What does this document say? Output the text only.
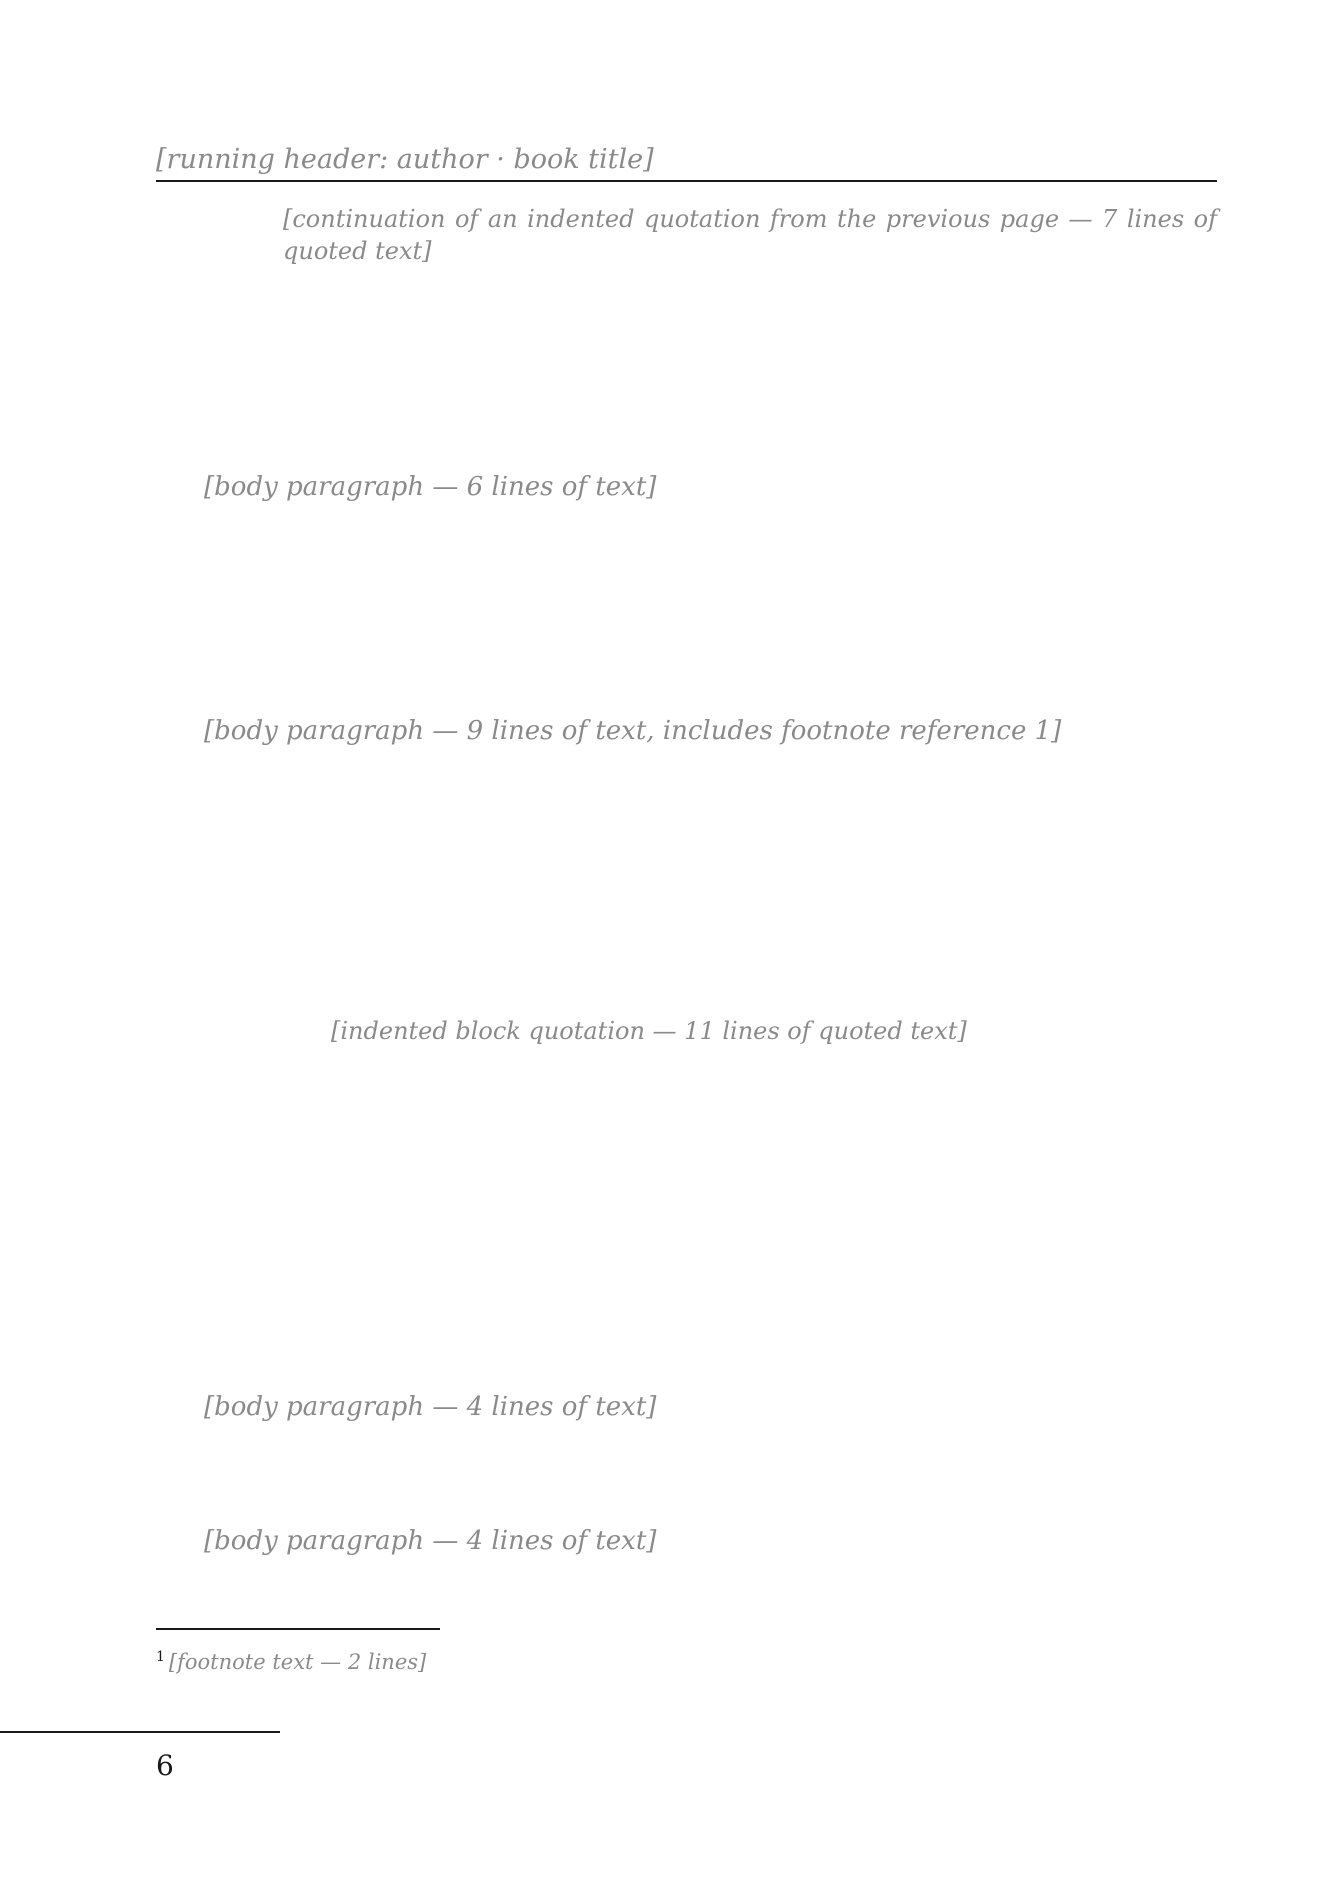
[running header: author · book title]

[continuation of an indented quotation from the previous page — 7 lines of quoted text]

[body paragraph — 6 lines of text]

[body paragraph — 9 lines of text, includes footnote reference 1]

[indented block quotation — 11 lines of quoted text]

[body paragraph — 4 lines of text]

[body paragraph — 4 lines of text]

$^1$ [footnote text — 2 lines]
6
